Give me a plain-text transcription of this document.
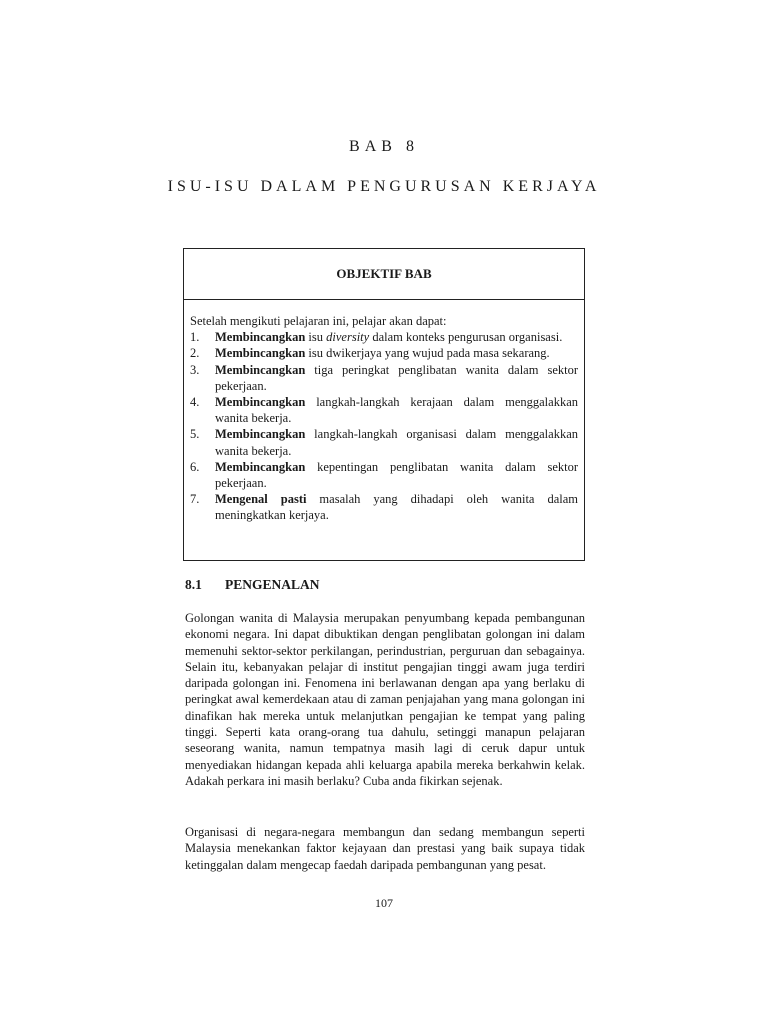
BAB 8
ISU-ISU DALAM PENGURUSAN KERJAYA
OBJEKTIF BAB
Setelah mengikuti pelajaran ini, pelajar akan dapat:
1.	Membincangkan isu diversity dalam konteks pengurusan organisasi.
2.	Membincangkan isu dwikerjaya yang wujud pada masa sekarang.
3.	Membincangkan tiga peringkat penglibatan wanita dalam sektor pekerjaan.
4.	Membincangkan langkah-langkah kerajaan dalam menggalakkan wanita bekerja.
5.	Membincangkan langkah-langkah organisasi dalam menggalakkan wanita bekerja.
6.	Membincangkan kepentingan penglibatan wanita dalam sektor pekerjaan.
7.	Mengenal pasti masalah yang dihadapi oleh wanita dalam meningkatkan kerjaya.
8.1 PENGENALAN

Golongan wanita di Malaysia merupakan penyumbang kepada pembangunan ekonomi negara. Ini dapat dibuktikan dengan penglibatan golongan ini dalam memenuhi sektor-sektor perkilangan, perindustrian, perguruan dan sebagainya. Selain itu, kebanyakan pelajar di institut pengajian tinggi awam juga terdiri daripada golongan ini. Fenomena ini berlawanan dengan apa yang berlaku di peringkat awal kemerdekaan atau di zaman penjajahan yang mana golongan ini dinafikan hak mereka untuk melanjutkan pengajian ke tempat yang paling tinggi. Seperti kata orang-orang tua dahulu, setinggi manapun pelajaran seseorang wanita, namun tempatnya masih lagi di ceruk dapur untuk menyediakan hidangan kepada ahli keluarga apabila mereka berkahwin kelak. Adakah perkara ini masih berlaku? Cuba anda fikirkan sejenak.

Organisasi di negara-negara membangun dan sedang membangun seperti Malaysia menekankan faktor kejayaan dan prestasi yang baik supaya tidak ketinggalan dalam mengecap faedah daripada pembangunan yang pesat.

107
